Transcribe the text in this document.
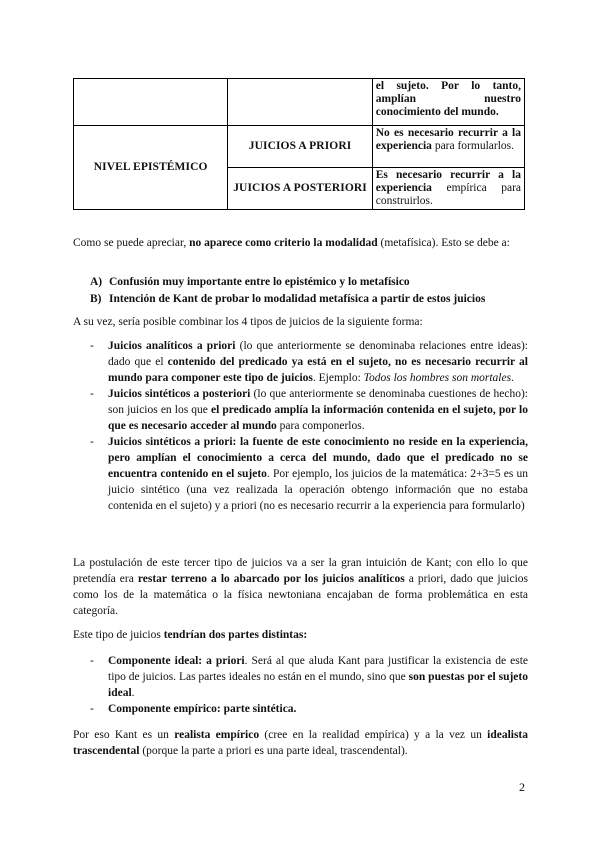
		el sujeto. Por lo tanto, amplían nuestro conocimiento del mundo.
NIVEL EPISTÉMICO	JUICIOS A PRIORI	No es necesario recurrir a la experiencia para formularlos.
	JUICIOS A POSTERIORI	Es necesario recurrir a la experiencia empírica para construirlos.

Como se puede apreciar, no aparece como criterio la modalidad (metafísica). Esto se debe a:

A) Confusión muy importante entre lo epistémico y lo metafísico
B) Intención de Kant de probar lo modalidad metafísica a partir de estos juicios

A su vez, sería posible combinar los 4 tipos de juicios de la siguiente forma:

- Juicios analíticos a priori (lo que anteriormente se denominaba relaciones entre ideas): dado que el contenido del predicado ya está en el sujeto, no es necesario recurrir al mundo para componer este tipo de juicios. Ejemplo: Todos los hombres son mortales.
- Juicios sintéticos a posteriori (lo que anteriormente se denominaba cuestiones de hecho): son juicios en los que el predicado amplía la información contenida en el sujeto, por lo que es necesario acceder al mundo para componerlos.
- Juicios sintéticos a priori: la fuente de este conocimiento no reside en la experiencia, pero amplían el conocimiento a cerca del mundo, dado que el predicado no se encuentra contenido en el sujeto. Por ejemplo, los juicios de la matemática: 2+3=5 es un juicio sintético (una vez realizada la operación obtengo información que no estaba contenida en el sujeto) y a priori (no es necesario recurrir a la experiencia para formularlo)

La postulación de este tercer tipo de juicios va a ser la gran intuición de Kant; con ello lo que pretendía era restar terreno a lo abarcado por los juicios analíticos a priori, dado que juicios como los de la matemática o la física newtoniana encajaban de forma problemática en esta categoría.

Este tipo de juicios tendrían dos partes distintas:

- Componente ideal: a priori. Será al que aluda Kant para justificar la existencia de este tipo de juicios. Las partes ideales no están en el mundo, sino que son puestas por el sujeto ideal.
- Componente empírico: parte sintética.

Por eso Kant es un realista empírico (cree en la realidad empírica) y a la vez un idealista trascendental (porque la parte a priori es una parte ideal, trascendental).

2
